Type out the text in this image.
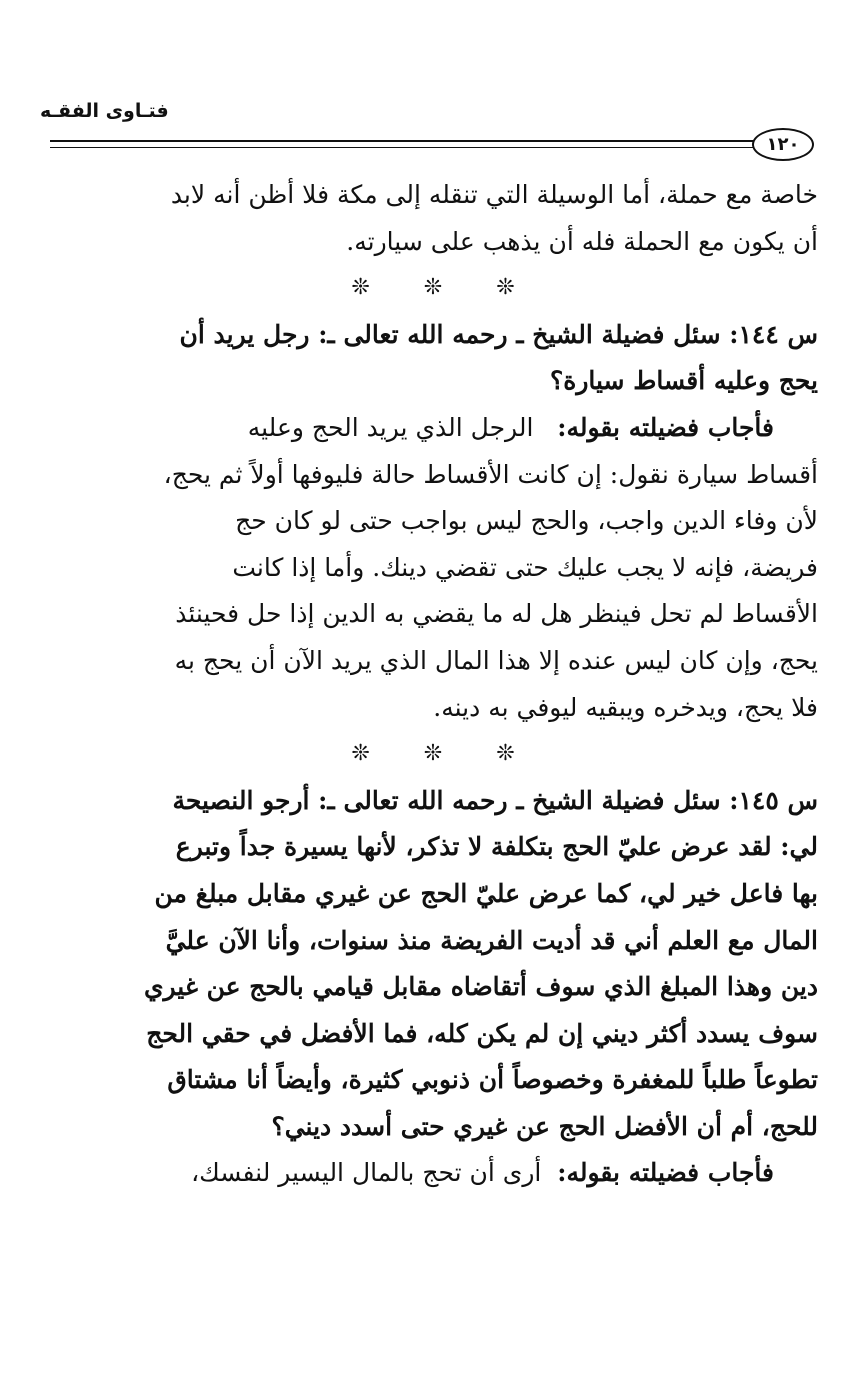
فتـاوى الفقـه
١٢٠
خاصة مع حملة، أما الوسيلة التي تنقله إلى مكة فلا أظن أنه لابد
أن يكون مع الحملة فله أن يذهب على سيارته.
❊ ❊ ❊
س ١٤٤: سئل فضيلة الشيخ ـ رحمه الله تعالى ـ: رجل يريد أن
يحج وعليه أقساط سيارة؟
فأجاب فضيلته بقوله:   الرجل الذي يريد الحج وعليه
أقساط سيارة نقول: إن كانت الأقساط حالة فليوفها أولاً ثم يحج،
لأن وفاء الدين واجب، والحج ليس بواجب حتى لو كان حج
فريضة، فإنه لا يجب عليك حتى تقضي دينك. وأما إذا كانت
الأقساط لم تحل فينظر هل له ما يقضي به الدين إذا حل فحينئذ
يحج، وإن كان ليس عنده إلا هذا المال الذي يريد الآن أن يحج به
فلا يحج، ويدخره ويبقيه ليوفي به دينه.
❊ ❊ ❊
س ١٤٥: سئل فضيلة الشيخ ـ رحمه الله تعالى ـ: أرجو النصيحة
لي: لقد عرض عليّ الحج بتكلفة لا تذكر، لأنها يسيرة جداً وتبرع
بها فاعل خير لي، كما عرض عليّ الحج عن غيري مقابل مبلغ من
المال مع العلم أني قد أديت الفريضة منذ سنوات، وأنا الآن عليَّ
دين وهذا المبلغ الذي سوف أتقاضاه مقابل قيامي بالحج عن غيري
سوف يسدد أكثر ديني إن لم يكن كله، فما الأفضل في حقي الحج
تطوعاً طلباً للمغفرة وخصوصاً أن ذنوبي كثيرة، وأيضاً أنا مشتاق
للحج، أم أن الأفضل الحج عن غيري حتى أسدد ديني؟
فأجاب فضيلته بقوله:  أرى أن تحج بالمال اليسير لنفسك،
